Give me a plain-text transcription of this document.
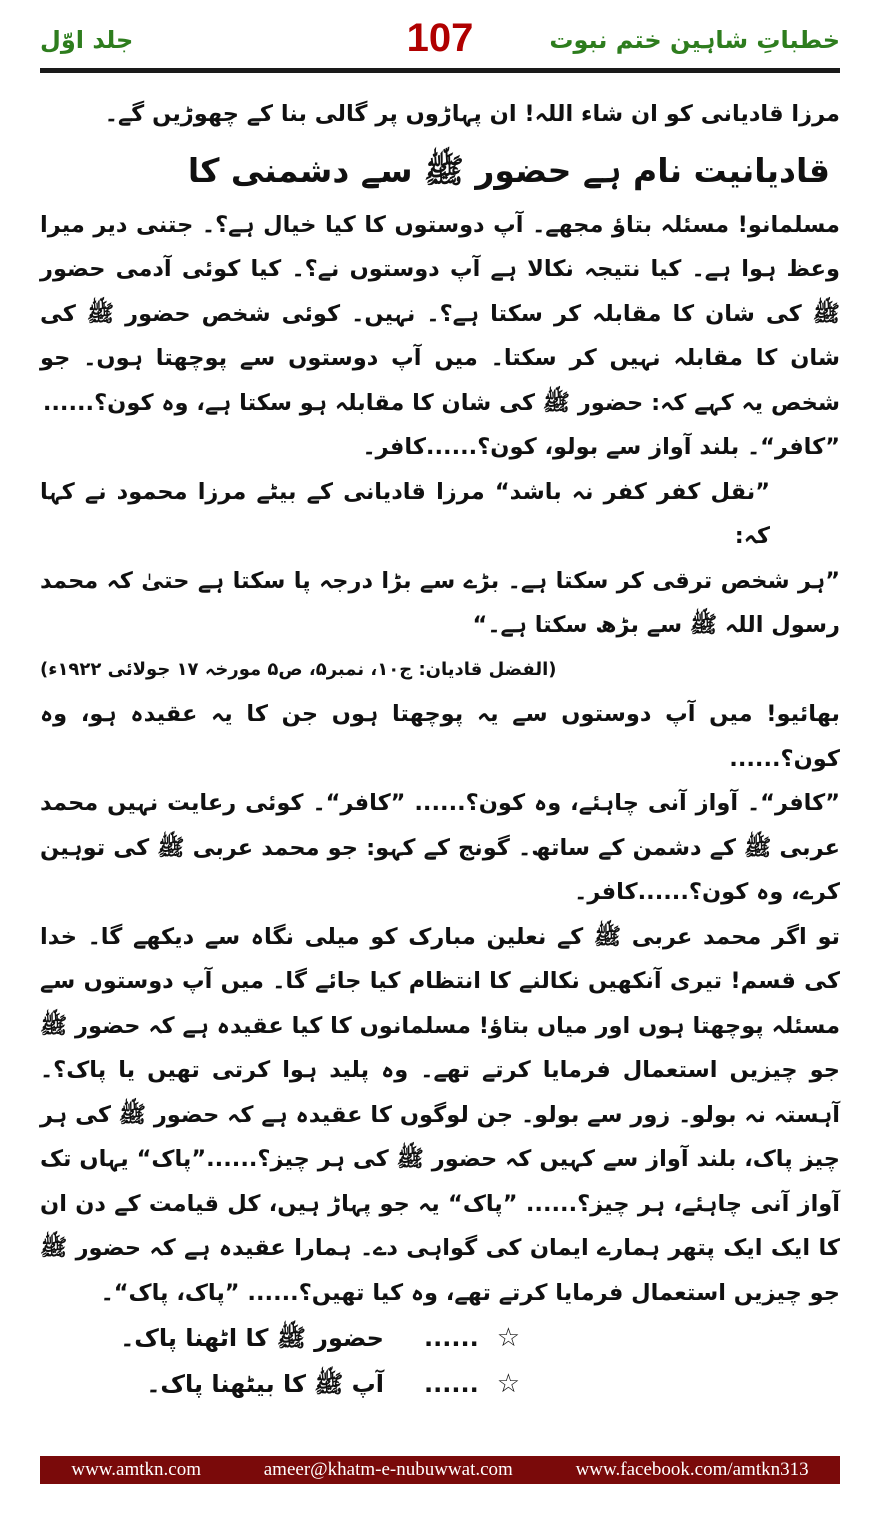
جلد اوّل	107	خطباتِ شاہین ختم نبوت

مرزا قادیانی کو ان شاء اللہ! ان پہاڑوں پر گالی بنا کے چھوڑیں گے۔

قادیانیت نام ہے حضور ﷺ سے دشمنی کا

مسلمانو! مسئلہ بتاؤ مجھے۔ آپ دوستوں کا کیا خیال ہے؟۔ جتنی دیر میرا وعظ ہوا ہے۔ کیا نتیجہ نکالا ہے آپ دوستوں نے؟۔ کیا کوئی آدمی حضور ﷺ کی شان کا مقابلہ کر سکتا ہے؟۔ نہیں۔ کوئی شخص حضور ﷺ کی شان کا مقابلہ نہیں کر سکتا۔ میں آپ دوستوں سے پوچھتا ہوں۔ جو شخص یہ کہے کہ: حضور ﷺ کی شان کا مقابلہ ہو سکتا ہے، وہ کون؟......

”کافر“۔ بلند آواز سے بولو، کون؟......کافر۔

”نقل کفر کفر نہ باشد“ مرزا قادیانی کے بیٹے مرزا محمود نے کہا کہ:

”ہر شخص ترقی کر سکتا ہے۔ بڑے سے بڑا درجہ پا سکتا ہے حتیٰ کہ محمد رسول اللہ ﷺ سے بڑھ سکتا ہے۔“

(الفضل قادیان: ج۱۰، نمبر۵، ص۵ مورخہ ۱۷ جولائی ۱۹۲۲ء)

بھائیو! میں آپ دوستوں سے یہ پوچھتا ہوں جن کا یہ عقیدہ ہو، وہ کون؟......

”کافر“۔ آواز آنی چاہئے، وہ کون؟...... ”کافر“۔ کوئی رعایت نہیں محمد عربی ﷺ کے دشمن کے ساتھ۔ گونج کے کہو: جو محمد عربی ﷺ کی توہین کرے، وہ کون؟......کافر۔

تو اگر محمد عربی ﷺ کے نعلین مبارک کو میلی نگاہ سے دیکھے گا۔ خدا کی قسم! تیری آنکھیں نکالنے کا انتظام کیا جائے گا۔ میں آپ دوستوں سے مسئلہ پوچھتا ہوں اور میاں بتاؤ! مسلمانوں کا کیا عقیدہ ہے کہ حضور ﷺ جو چیزیں استعمال فرمایا کرتے تھے۔ وہ پلید ہوا کرتی تھیں یا پاک؟۔ آہستہ نہ بولو۔ زور سے بولو۔ جن لوگوں کا عقیدہ ہے کہ حضور ﷺ کی ہر چیز پاک، بلند آواز سے کہیں کہ حضور ﷺ کی ہر چیز؟......”پاک“ یہاں تک آواز آنی چاہئے، ہر چیز؟...... ”پاک“ یہ جو پہاڑ ہیں، کل قیامت کے دن ان کا ایک ایک پتھر ہمارے ایمان کی گواہی دے۔ ہمارا عقیدہ ہے کہ حضور ﷺ جو چیزیں استعمال فرمایا کرتے تھے، وہ کیا تھیں؟...... ”پاک، پاک“۔

☆
......
حضور ﷺ کا اٹھنا پاک۔
☆
......
آپ ﷺ کا بیٹھنا پاک۔
www.amtkn.com	ameer@khatm-e-nubuwwat.com	www.facebook.com/amtkn313
